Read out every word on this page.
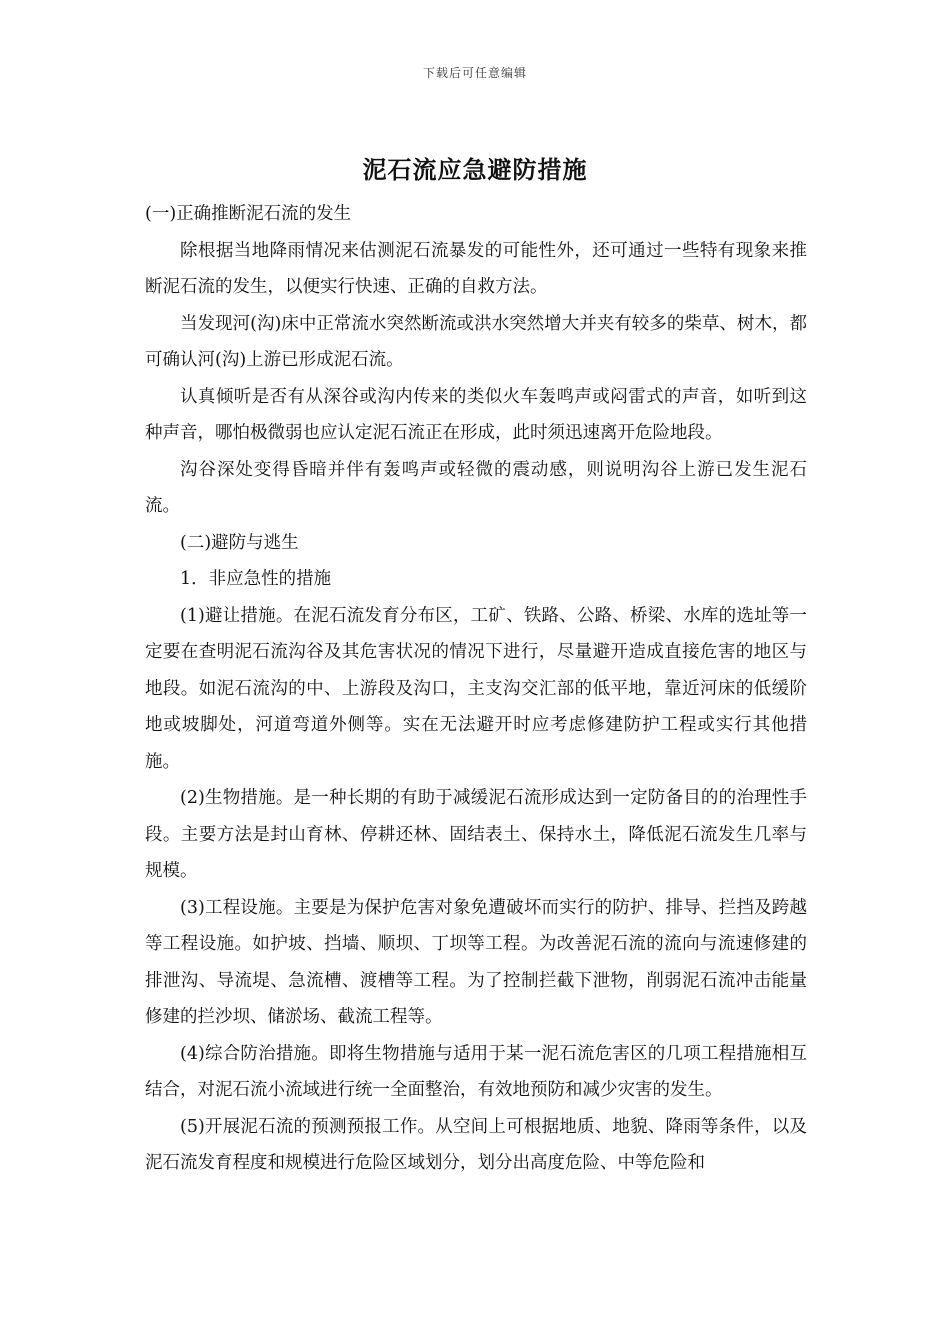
下载后可任意编辑
泥石流应急避防措施

(一)正确推断泥石流的发生

除根据当地降雨情况来估测泥石流暴发的可能性外，还可通过一些特有现象来推断泥石流的发生，以便实行快速、正确的自救方法。

当发现河(沟)床中正常流水突然断流或洪水突然增大并夹有较多的柴草、树木，都可确认河(沟)上游已形成泥石流。

认真倾听是否有从深谷或沟内传来的类似火车轰鸣声或闷雷式的声音，如听到这种声音，哪怕极微弱也应认定泥石流正在形成，此时须迅速离开危险地段。

沟谷深处变得昏暗并伴有轰鸣声或轻微的震动感，则说明沟谷上游已发生泥石流。

(二)避防与逃生

1．非应急性的措施

(1)避让措施。在泥石流发育分布区，工矿、铁路、公路、桥梁、水库的选址等一定要在查明泥石流沟谷及其危害状况的情况下进行，尽量避开造成直接危害的地区与地段。如泥石流沟的中、上游段及沟口，主支沟交汇部的低平地，靠近河床的低缓阶地或坡脚处，河道弯道外侧等。实在无法避开时应考虑修建防护工程或实行其他措施。

(2)生物措施。是一种长期的有助于减缓泥石流形成达到一定防备目的的治理性手段。主要方法是封山育林、停耕还林、固结表土、保持水土，降低泥石流发生几率与规模。

(3)工程设施。主要是为保护危害对象免遭破坏而实行的防护、排导、拦挡及跨越等工程设施。如护坡、挡墙、顺坝、丁坝等工程。为改善泥石流的流向与流速修建的排泄沟、导流堤、急流槽、渡槽等工程。为了控制拦截下泄物，削弱泥石流冲击能量修建的拦沙坝、储淤场、截流工程等。

(4)综合防治措施。即将生物措施与适用于某一泥石流危害区的几项工程措施相互结合，对泥石流小流域进行统一全面整治，有效地预防和减少灾害的发生。

(5)开展泥石流的预测预报工作。从空间上可根据地质、地貌、降雨等条件，以及泥石流发育程度和规模进行危险区域划分，划分出高度危险、中等危险和
